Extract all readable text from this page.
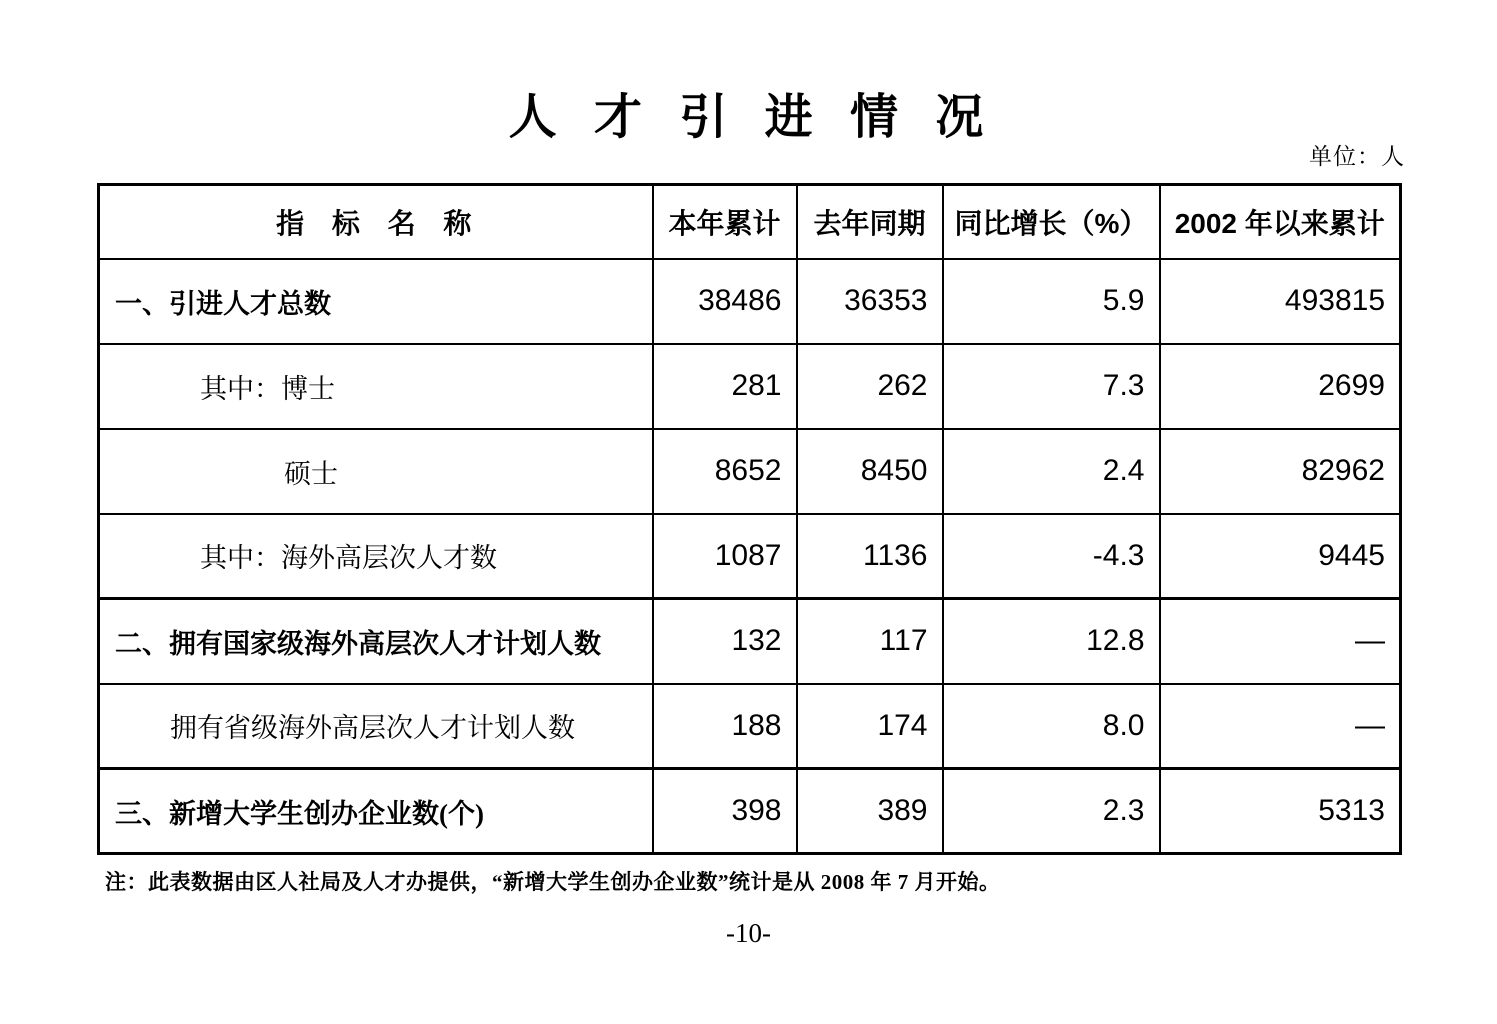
人 才 引 进 情 况
单位：人
指 标 名 称	本年累计	去年同期	同比增长（%）	2002 年以来累计
一、引进人才总数	38486	36353	5.9	493815
其中：博士	281	262	7.3	2699
硕士	8652	8450	2.4	82962
其中：海外高层次人才数	1087	1136	-4.3	9445
二、拥有国家级海外高层次人才计划人数	132	117	12.8	—
拥有省级海外高层次人才计划人数	188	174	8.0	—
三、新增大学生创办企业数(个)	398	389	2.3	5313
注：此表数据由区人社局及人才办提供，“新增大学生创办企业数”统计是从 2008 年 7 月开始。
-10-
